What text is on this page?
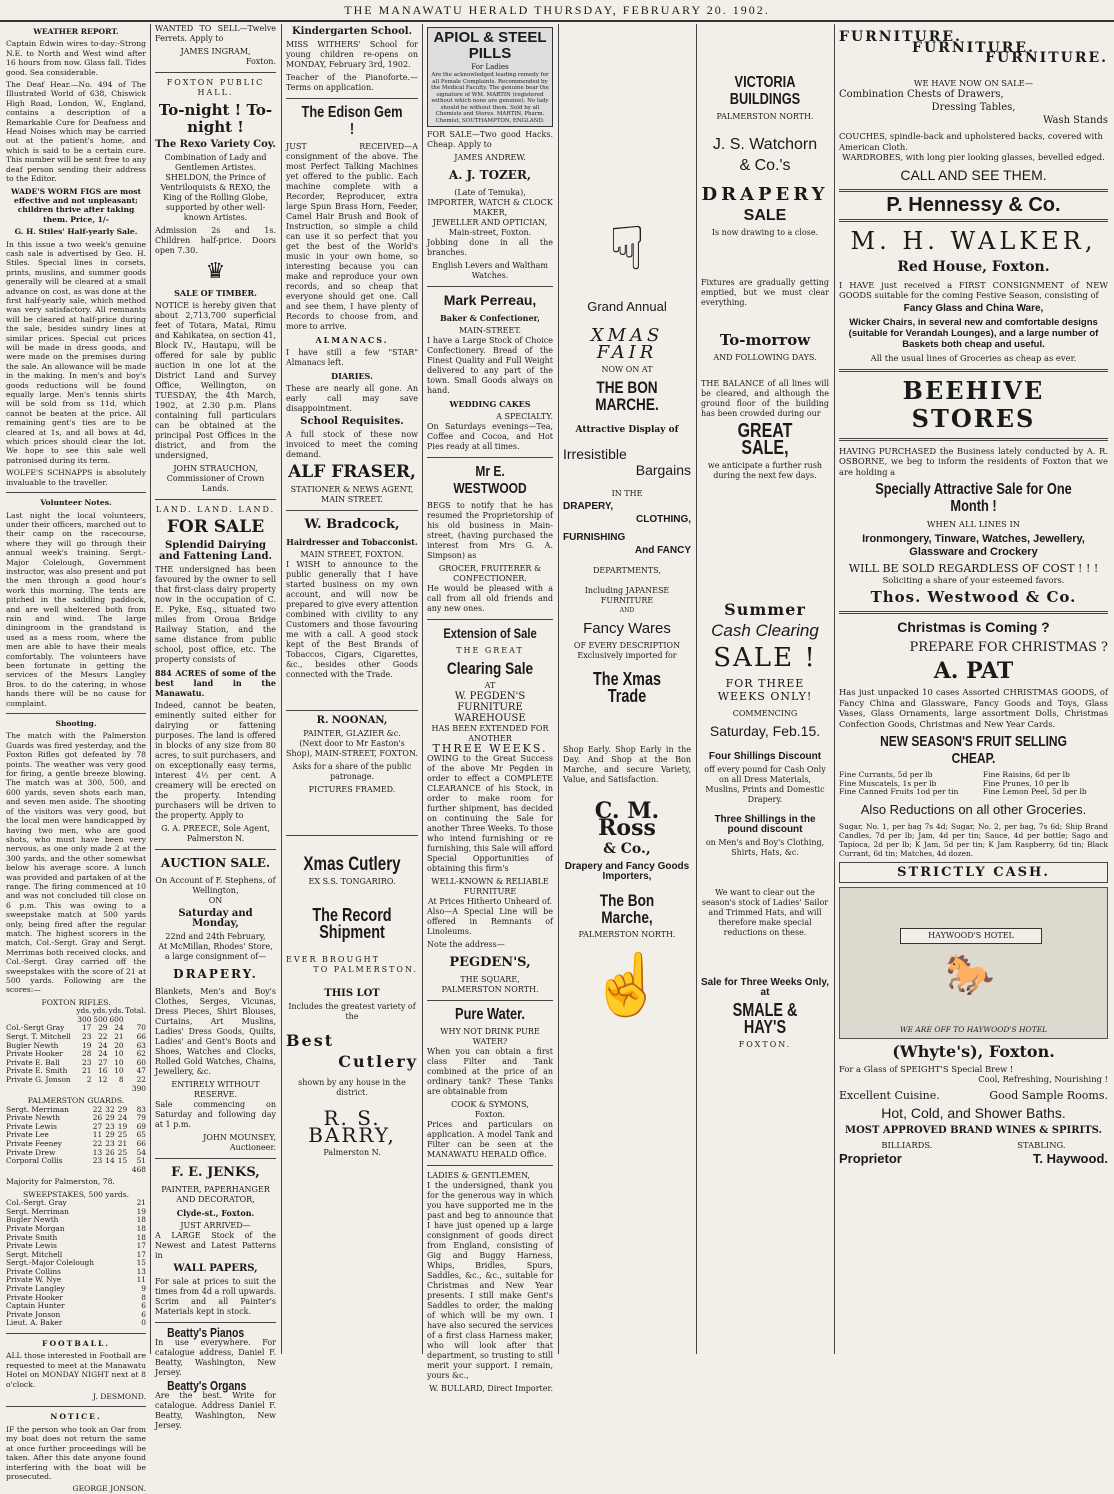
THE MANAWATU HERALD THURSDAY, FEBRUARY 20. 1902.
WEATHER REPORT.

Captain Edwin wires to-day:-Strong N.E. to North and West wind after 16 hours from now. Glass fall. Tides good. Sea considerable.

The Deaf Hear.—No. 494 of The Illustrated World of 638, Chiswick High Road, London, W., England, contains a description of a Remarkable Cure for Deafness and Head Noises which may be carried out at the patient's home, and which is said to be a certain cure. This number will be sent free to any deaf person sending their address to the Editor.

WADE'S WORM FIGS are most effective and not unpleasant; children thrive after taking them. Price, 1/-

G. H. Stiles' Half-yearly Sale.

In this issue a two week's genuine cash sale is advertised by Geo. H. Stiles. Special lines in corsets, prints, muslins, and summer goods generally will be cleared at a small advance on cost, as was done at the first half-yearly sale, which method was very satisfactory. All remnants will be cleared at half-price during the sale, besides sundry lines at similar prices. Special cut prices will be made in dress goods, and were made on the premises during the sale. An allowance will be made in the making. In men's and boy's goods reductions will be found equally large. Men's tennis shirts will be sold from ss 11d, which cannot be beaten at the price. All remaining gent's ties are to be cleared at 1s, and all bows at 4d, which prices should clear the lot. We hope to see this sale well patronised during its term.

WOLFE'S SCHNAPPS is absolutely invaluable to the traveller.

Volunteer Notes.

Last night the local volunteers, under their officers, marched out to their camp on the racecourse, where they will go through their annual week's training. Sergt.-Major Colelough, Government instructor, was also present and put the men through a good hour's work this morning. The tents are pitched in the saddling paddock, and are well sheltered both from rain and wind. The large diningroom in the grandstand is used as a mess room, where the men are able to have their meals comfortably. The volunteers have been fortunate in getting the services of the Messrs Langley Bros. to do the catering, in whose hands there will be no cause for complaint.

Shooting.

The match with the Palmerston Guards was fired yesterday, and the Foxton Rifles got defeated by 78 points. The weather was very good for firing, a gentle breeze blowing. The match was at 300, 500, and 600 yards, seven shots each man, and seven men aside. The shooting of the visitors was very good, but the local men were handicapped by having two men, who are good shots, who must have been very nervous, as one only made 2 at the 300 yards, and the other somewhat below his average score. A lunch was provided and partaken of at the range. The firing commenced at 10 and was not concluded till close on 6 p.m. This was owing to a sweepstake match at 500 yards only, being fired after the regular match. The highest scorers in the match, Col.-Sergt. Gray and Sergt. Merrimas both received clocks, and Col.-Sergt. Gray carried off the sweepstakes with the score of 21 at 500 yards. Following are the scores:—

FOXTON RIFLES.
	yds.	yds.	yds.	Total.
	300	500	600	
Col.-Sergt Gray	17	29	24	70
Sergt. T. Mitchell	23	22	21	66
Bugler Newth	19	24	20	63
Private Hooker	28	24	10	62
Private E. Ball	23	27	10	60
Private E. Smith	21	16	10	47
Private G. Jonson	2	12	8	22
				390
PALMERSTON GUARDS.
Sergt. Merriman	22	32	29	83
Private Newth	26	29	24	79
Private Lewis	27	23	19	69
Private Lee	11	29	25	65
Private Feeney	22	23	21	66
Private Drew	13	26	25	54
Corporal Collis	23	14	15	51
				468

Majority for Palmerston, 78.

SWEEPSTAKES, 500 yards.
Col.-Sergt. Gray	21
Sergt. Merriman	19
Bugler Newth	18
Private Morgan	18
Private Smith	18
Private Lewis	17
Sergt. Mitchell	17
Sergt.-Major Colelough	15
Private Collins	13
Private W. Nye	11
Private Langley	9
Private Hooker	8
Captain Hunter	6
Private Jonson	6
Lieut. A. Baker	0
FOOTBALL.

ALL those interested in Football are requested to meet at the Manawatu Hotel on MONDAY NIGHT next at 8 o'clock.

J. DESMOND.
NOTICE.

IF the person who took an Oar from my boat does not return the same at once further proceedings will be taken. After this date anyone found interfering with the boat will be prosecuted.

GEORGE JONSON.

WANTED TO SELL—Twelve Ferrets. Apply to

JAMES INGRAM,
Foxton.
FOXTON PUBLIC HALL.
To-night ! To-night !
The Rexo Variety Coy.
Combination of Lady and Gentlemen Artistes.

SHELDON, the Prince of Ventriloquists & REXO, the King of the Rolling Globe, supported by other well-known Artistes.

Admission 2s and 1s. Children half-price. Doors open 7.30.

♛
SALE OF TIMBER.

NOTICE is hereby given that about 2,713,700 superficial feet of Totara, Matai, Rimu and Kahikatea, on section 41, Block IV., Hautapu, will be offered for sale by public auction in one lot at the District Land and Survey Office, Wellington, on TUESDAY, the 4th March, 1902, at 2.30 p.m. Plans containing full particulars can be obtained at the principal Post Offices in the district, and from the undersigned,

JOHN STRAUCHON, Commissioner of Crown Lands.
LAND. LAND. LAND.
FOR SALE
Splendid Dairying and Fattening Land.

THE undersigned has been favoured by the owner to sell that first-class dairy property now in the occupation of C. E. Pyke, Esq., situated two miles from Oroua Bridge Railway Station, and the same distance from public school, post office, etc. The property consists of

884 ACRES of some of the best land in the Manawatu.

Indeed, cannot be beaten, eminently suited either for dairying or fattening purposes. The land is offered in blocks of any size from 80 acres, to suit purchasers, and on exceptionally easy terms, interest 4½ per cent. A creamery will be erected on the property. Intending purchasers will be driven to the property. Apply to

G. A. PREECE, Sole Agent, Palmerston N.
AUCTION SALE.
On Account of F. Stephens, of Wellington,
ON
Saturday and Monday,
22nd and 24th February,
At McMillan, Rhodes' Store, a large consignment of—
DRAPERY.

Blankets, Men's and Boy's Clothes, Serges, Vicunas, Dress Pieces, Shirt Blouses, Curtains, Art Muslins, Ladies' Dress Goods, Quilts, Ladies' and Gent's Boots and Shoes, Watches and Clocks, Rolled Gold Watches, Chains, Jewellery, &c.

ENTIRELY WITHOUT RESERVE.

Sale commencing on Saturday and following day at 1 p.m.

JOHN MOUNSEY, Auctioneer.
F. E. JENKS,
PAINTER, PAPERHANGER AND DECORATOR,
Clyde-st., Foxton.
JUST ARRIVED—

A LARGE Stock of the Newest and Latest Patterns in

WALL PAPERS,

For sale at prices to suit the times from 4d a roll upwards. Scrim and all Painter's Materials kept in stock.

Beatty's Pianos

In use everywhere. For catalogue address, Daniel F. Beatty, Washington, New Jersey.

Beatty's Organs

Are the best. Write for catalogue. Address Daniel F. Beatty, Washington, New Jersey.

Kindergarten School.

MISS WITHERS' School for young children re-opens on MONDAY, February 3rd, 1902.

Teacher of the Pianoforte.—Terms on application.

The Edison Gem !

JUST RECEIVED—A consignment of the above. The most Perfect Talking Machines yet offered to the public. Each machine complete with a Recorder, Reproducer, extra large Spun Brass Horn, Feeder, Camel Hair Brush and Book of Instruction, so simple a child can use it so perfect that you get the best of the World's music in your own home, so interesting because you can make and reproduce your own records, and so cheap that everyone should get one. Call and see them, I have plenty of Records to choose from, and more to arrive.

ALMANACS.

I have still a few "STAR" Almanacs left.

DIARIES.

These are nearly all gone. An early call may save disappointment.

School Requisites.

A full stock of these now invoiced to meet the coming demand.

ALF FRASER,
STATIONER & NEWS AGENT,
MAIN STREET.
W. Bradcock,
Hairdresser and Tobacconist.
MAIN STREET, FOXTON.

I WISH to announce to the public generally that I have started business on my own account, and will now be prepared to give every attention combined with civility to any Customers and those favouring me with a call. A good stock kept of the Best Brands of Tobaccos, Cigars, Cigarettes, &c., besides other Goods connected with the Trade.

R. NOONAN,
PAINTER, GLAZIER &c.

(Next door to Mr Easton's Shop), MAIN-STREET, FOXTON.

Asks for a share of the public patronage.

PICTURES FRAMED.
Xmas Cutlery
EX S.S. TONGARIRO.
The Record Shipment
EVER BROUGHT
TO PALMERSTON.
THIS LOT
Includes the greatest variety of the
Best
Cutlery
shown by any house in the district.
R. S. BARRY,
Palmerston N.
APIOL & STEEL PILLS
For Ladies
Are the acknowledged leading remedy for all Female Complaints. Recommended by the Medical Faculty. The genuine bear the signature of WM. MARTIN (registered without which none are genuine). No lady should be without them. Sold by all Chemists and Stores. MARTIN, Pharm. Chemist, SOUTHAMPTON, ENGLAND.

FOR SALE—Two good Hacks. Cheap. Apply to

JAMES ANDREW.
A. J. TOZER,
(Late of Temuka),
IMPORTER, WATCH & CLOCK MAKER,
JEWELLER AND OPTICIAN,
Main-street, Foxton.

Jobbing done in all the branches.

English Levers and Waltham Watches.
Mark Perreau,
Baker & Confectioner,
MAIN-STREET.

I have a Large Stock of Choice Confectionery. Bread of the Finest Quality and Full Weight delivered to any part of the town. Small Goods always on hand.

WEDDING CAKES
A SPECIALTY.

On Saturdays evenings—Tea, Coffee and Cocoa, and Hot Pies ready at all times.

Mr E. WESTWOOD

BEGS to notify that he has resumed the Proprietorship of his old business in Main-street, (having purchased the interest from Mrs G. A. Simpson) as

GROCER, FRUITERER & CONFECTIONER.

He would be pleased with a call from all old friends and any new ones.

Extension of Sale
THE GREAT
Clearing Sale
AT
W. PEGDEN'S FURNITURE WAREHOUSE
HAS BEEN EXTENDED FOR ANOTHER
THREE WEEKS.

OWING to the Great Success of the above Mr Pegden in order to effect a COMPLETE CLEARANCE of his Stock, in order to make room for further shipment, has decided on continuing the Sale for another Three Weeks. To those who intend furnishing or re furnishing, this Sale will afford Special Opportunities of obtaining this firm's

WELL-KNOWN & RELIABLE FURNITURE
At Prices Hitherto Unheard of.

Also—A Special Line will be offered in Remnants of Linoleums.

Note the address—
PEGDEN'S,
THE SQUARE,
PALMERSTON NORTH.
Pure Water.
WHY NOT DRINK PURE WATER?

When you can obtain a first class Filter and Tank combined at the price of an ordinary tank? These Tanks are obtainable from

COOK & SYMONS,
Foxton.

Prices and particulars on application. A model Tank and Filter can be seen at the MANAWATU HERALD Office.

LADIES & GENTLEMEN,

I the undersigned, thank you for the generous way in which you have supported me in the past and beg to announce that I have just opened up a large consignment of goods direct from England, consisting of Gig and Buggy Harness, Whips, Bridles, Spurs, Saddles, &c., &c., suitable for Christmas and New Year presents. I still make Gent's Saddles to order, the making of which will be my own. I have also secured the services of a first class Harness maker, who will look after that department, so trusting to still merit your support. I remain, yours &c.,

W. BULLARD, Direct Importer.
☟
Grand Annual
XMAS FAIR
NOW ON AT
THE BON MARCHE.
Attractive Display of
Irresistible
Bargains
IN THE
DRAPERY,
CLOTHING,
FURNISHING
And FANCY
DEPARTMENTS,
Including JAPANESE FURNITURE
AND
Fancy Wares
OF EVERY DESCRIPTION
Exclusively imported for
The Xmas Trade

Shop Early. Shop Early in the Day. And Shop at the Bon Marche, and secure Variety, Value, and Satisfaction.

C. M. Ross
& Co.,
Drapery and Fancy Goods Importers,
The Bon Marche,
PALMERSTON NORTH.
☝
VICTORIA BUILDINGS
PALMERSTON NORTH.
J. S. Watchorn
& Co.'s
DRAPERY
SALE
Is now drawing to a close.

Fixtures are gradually getting emptied, but we must clear everything.

To-morrow
AND FOLLOWING DAYS.

THE BALANCE of all lines will be cleared, and although the ground floor of the building has been crowded during our

GREAT SALE,

we anticipate a further rush during the next few days.

Summer
Cash Clearing
SALE !
FOR THREE WEEKS ONLY!
COMMENCING
Saturday, Feb.15.
Four Shillings Discount

off every pound for Cash Only on all Dress Materials, Muslins, Prints and Domestic Drapery.

Three Shillings in the pound discount

on Men's and Boy's Clothing, Shirts, Hats, &c.

We want to clear out the season's stock of Ladies' Sailor and Trimmed Hats, and will therefore make special reductions on these.

Sale for Three Weeks Only, at
SMALE & HAY'S
FOXTON.
FURNITURE.
FURNITURE.
FURNITURE.
WE HAVE NOW ON SALE—
Combination Chests of Drawers,
Dressing Tables,
Wash Stands
COUCHES, spindle-back and upholstered backs, covered with American Cloth.
WARDROBES, with long pier looking glasses, bevelled edged.
CALL AND SEE THEM.
P. Hennessy & Co.
M. H. WALKER,
Red House, Foxton.

I HAVE just received a FIRST CONSIGNMENT of NEW GOODS suitable for the coming Festive Season, consisting of

Fancy Glass and China Ware,

Wicker Chairs, in several new and comfortable designs (suitable for Verandah Lounges), and a large number of Baskets both cheap and useful.

All the usual lines of Groceries as cheap as ever.
BEEHIVE STORES

HAVING PURCHASED the Business lately conducted by A. R. OSBORNE, we beg to inform the residents of Foxton that we are holding a

Specially Attractive Sale for One Month !
WHEN ALL LINES IN
Ironmongery, Tinware, Watches, Jewellery, Glassware and Crockery
WILL BE SOLD REGARDLESS OF COST ! ! !
Soliciting a share of your esteemed favors.
Thos. Westwood & Co.
Christmas is Coming ?
PREPARE FOR CHRISTMAS ?
A. PAT

Has just unpacked 10 cases Assorted CHRISTMAS GOODS, of Fancy China and Glassware, Fancy Goods and Toys, Glass Vases, Glass Ornaments, large assortment Dolls, Christmas Confection Goods, Christmas and New Year Cards.

NEW SEASON'S FRUIT SELLING CHEAP.
Fine Currants, 5d per lb	Fine Raisins, 6d per lb
Fine Muscatels, 1s per lb	Fine Prunes, 10 per lb
Fine Canned Fruits 1od per tin	Fine Lemon Peel, 5d per lb
Also Reductions on all other Groceries.

Sugar, No. 1, per bag 7s 4d; Sugar, No. 2, per bag, 7s 6d; Ship Brand Candles, 7d per lb; Jam, 4d per tin; Sauce, 4d per bottle; Sago and Tapioca, 2d per lb; K Jam, 5d per tin; K Jam Raspberry, 6d tin; Black Currant, 6d tin; Matches, 4d dozen.

STRICTLY CASH.
HAYWOOD'S HOTEL
🐎
WE ARE OFF TO HAYWOOD'S HOTEL
(Whyte's), Foxton.
For a Glass of SPEIGHT'S Special Brew !
Cool, Refreshing, Nourishing !
Excellent Cuisine.	Good Sample Rooms.
Hot, Cold, and Shower Baths.
MOST APPROVED BRAND WINES & SPIRITS.
BILLIARDS.	STABLING.
Proprietor	T. Haywood.
